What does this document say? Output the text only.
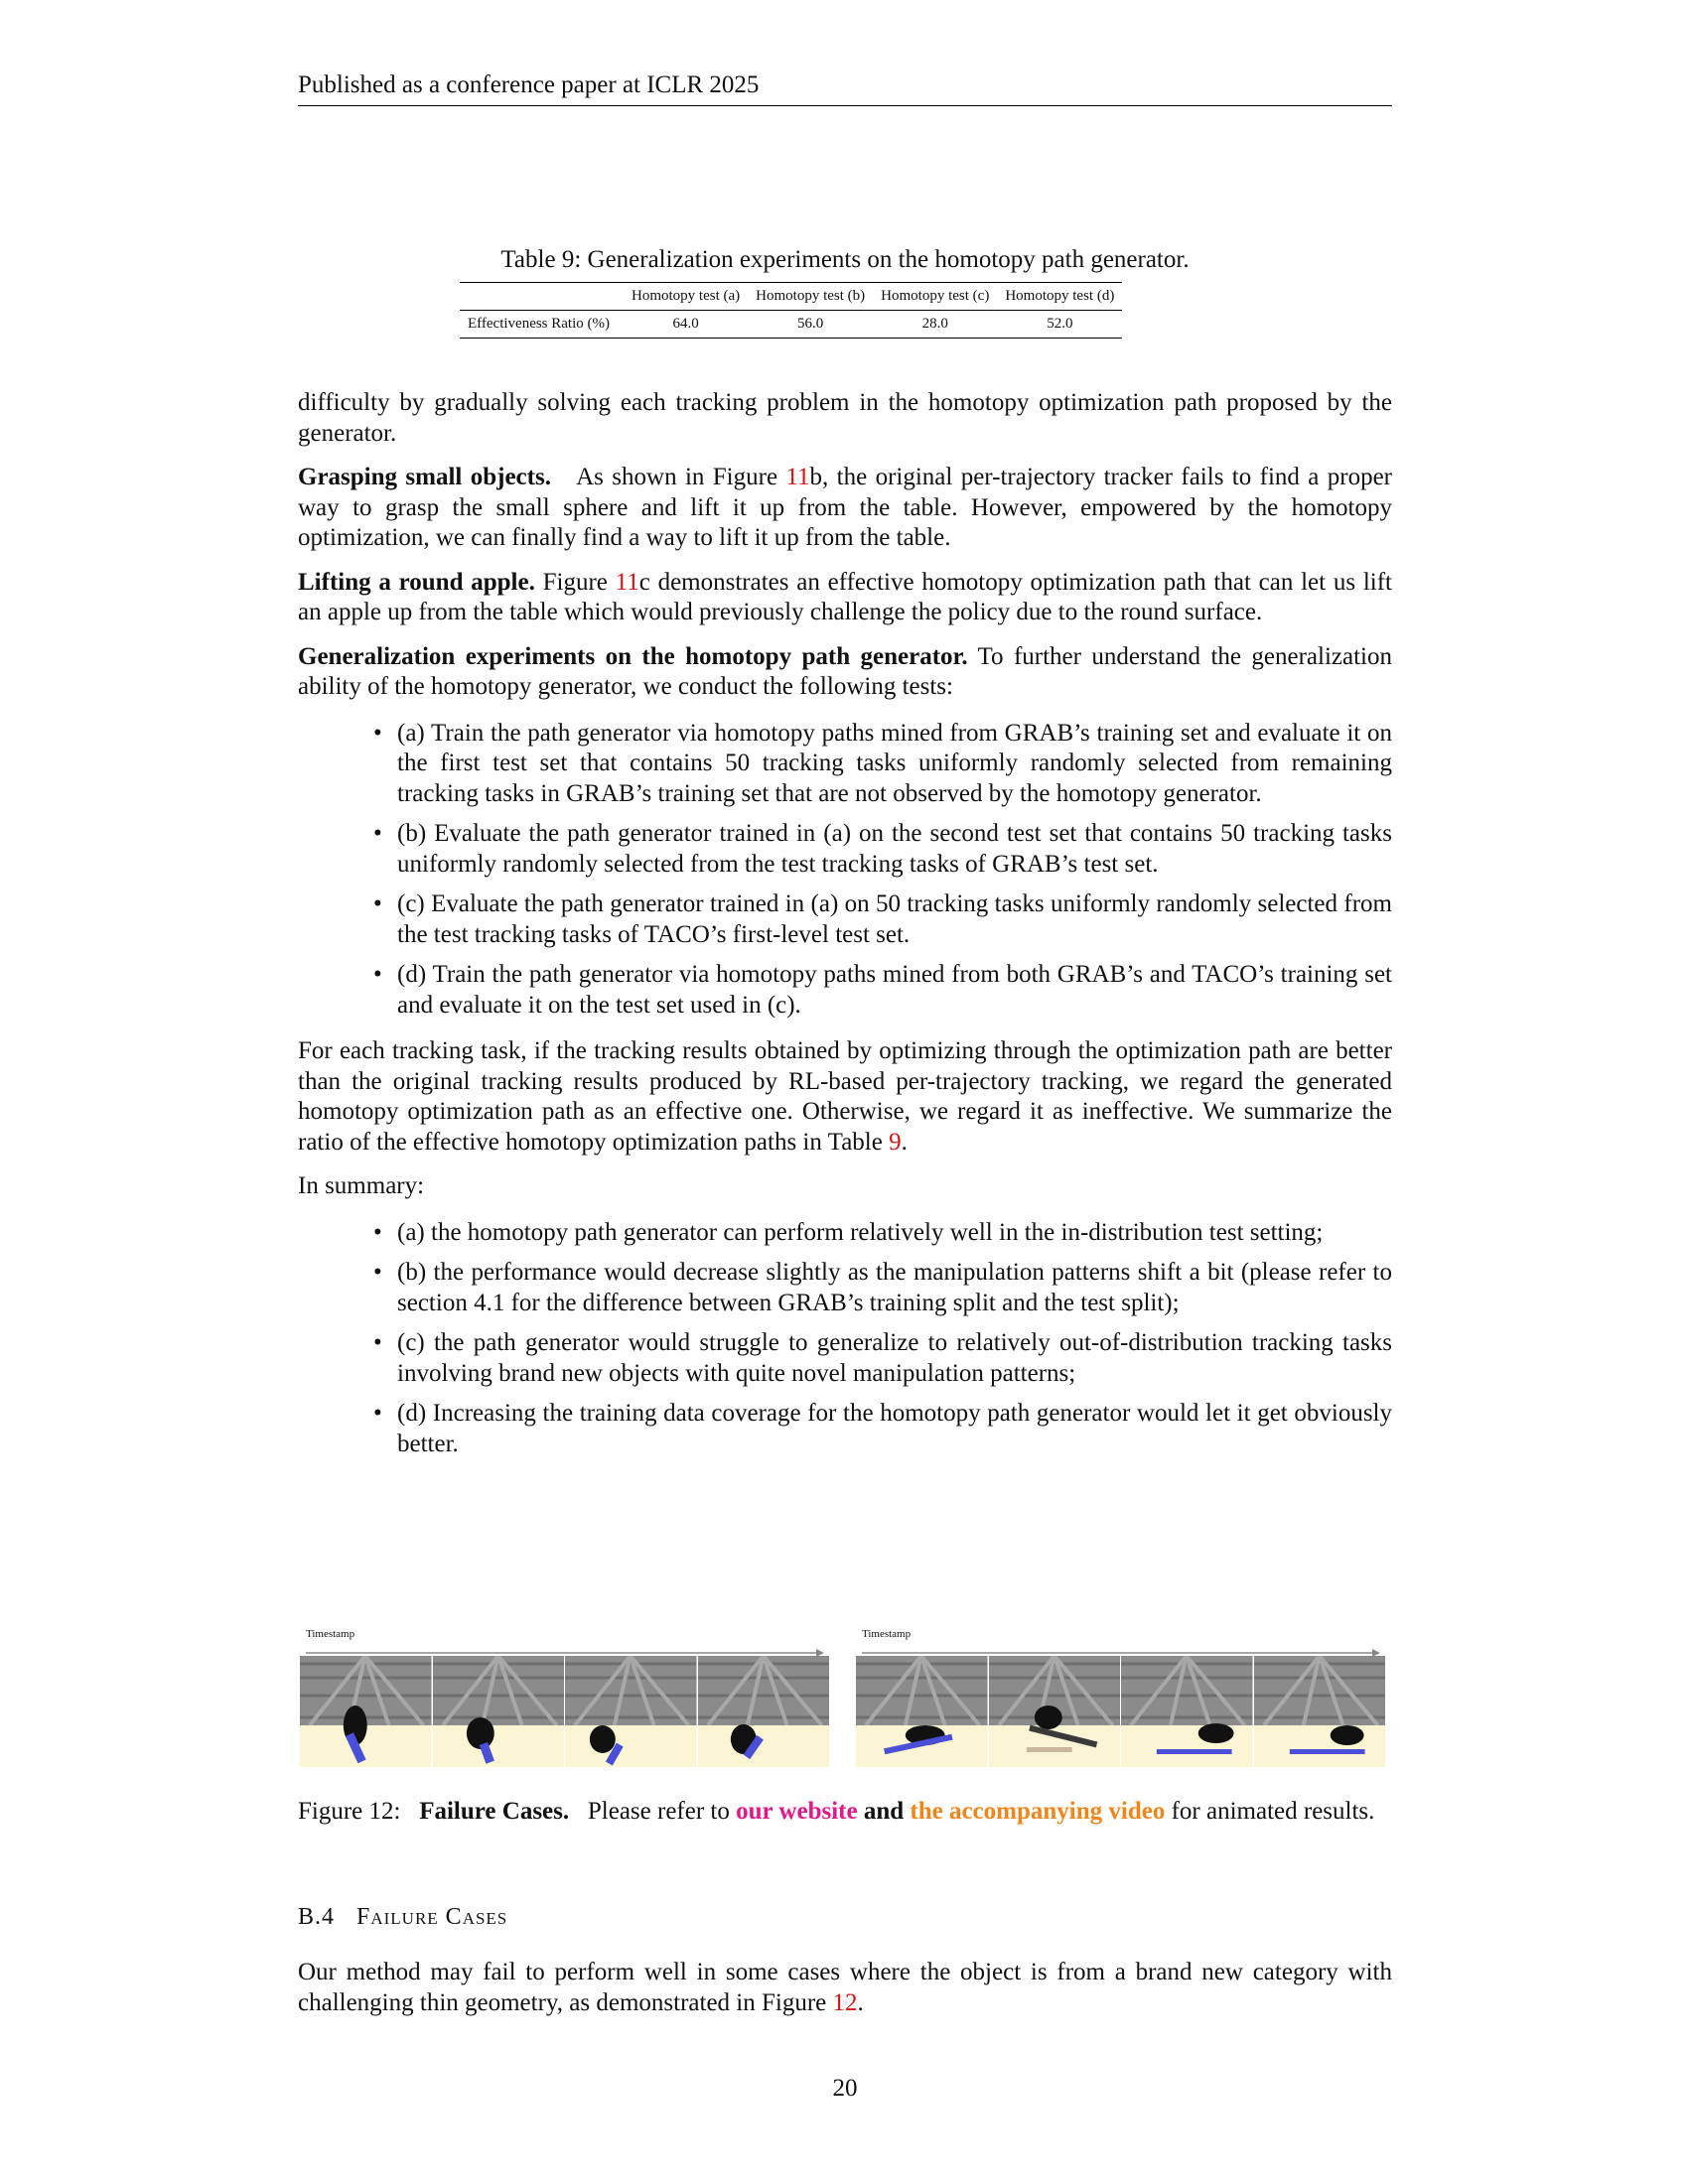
Published as a conference paper at ICLR 2025
Table 9: Generalization experiments on the homotopy path generator.
	Homotopy test (a)	Homotopy test (b)	Homotopy test (c)	Homotopy test (d)
Effectiveness Ratio (%)	64.0	56.0	28.0	52.0

difficulty by gradually solving each tracking problem in the homotopy optimization path proposed by the generator.

Grasping small objects. As shown in Figure 11b, the original per-trajectory tracker fails to find a proper way to grasp the small sphere and lift it up from the table. However, empowered by the homotopy optimization, we can finally find a way to lift it up from the table.

Lifting a round apple. Figure 11c demonstrates an effective homotopy optimization path that can let us lift an apple up from the table which would previously challenge the policy due to the round surface.

Generalization experiments on the homotopy path generator. To further understand the generalization ability of the homotopy generator, we conduct the following tests:

• (a) Train the path generator via homotopy paths mined from GRAB’s training set and evaluate it on the first test set that contains 50 tracking tasks uniformly randomly selected from remaining tracking tasks in GRAB’s training set that are not observed by the homotopy generator.
• (b) Evaluate the path generator trained in (a) on the second test set that contains 50 tracking tasks uniformly randomly selected from the test tracking tasks of GRAB’s test set.
• (c) Evaluate the path generator trained in (a) on 50 tracking tasks uniformly randomly selected from the test tracking tasks of TACO’s first-level test set.
• (d) Train the path generator via homotopy paths mined from both GRAB’s and TACO’s training set and evaluate it on the test set used in (c).

For each tracking task, if the tracking results obtained by optimizing through the optimization path are better than the original tracking results produced by RL-based per-trajectory tracking, we regard the generated homotopy optimization path as an effective one. Otherwise, we regard it as ineffective. We summarize the ratio of the effective homotopy optimization paths in Table 9.

In summary:

• (a) the homotopy path generator can perform relatively well in the in-distribution test setting;
• (b) the performance would decrease slightly as the manipulation patterns shift a bit (please refer to section 4.1 for the difference between GRAB’s training split and the test split);
• (c) the path generator would struggle to generalize to relatively out-of-distribution tracking tasks involving brand new objects with quite novel manipulation patterns;
• (d) Increasing the training data coverage for the homotopy path generator would let it get obviously better.
Timestamp	Timestamp
Figure 12: Failure Cases. Please refer to our website and the accompanying video for animated results.
B.4 Failure Cases
Our method may fail to perform well in some cases where the object is from a brand new category with challenging thin geometry, as demonstrated in Figure 12.
20
